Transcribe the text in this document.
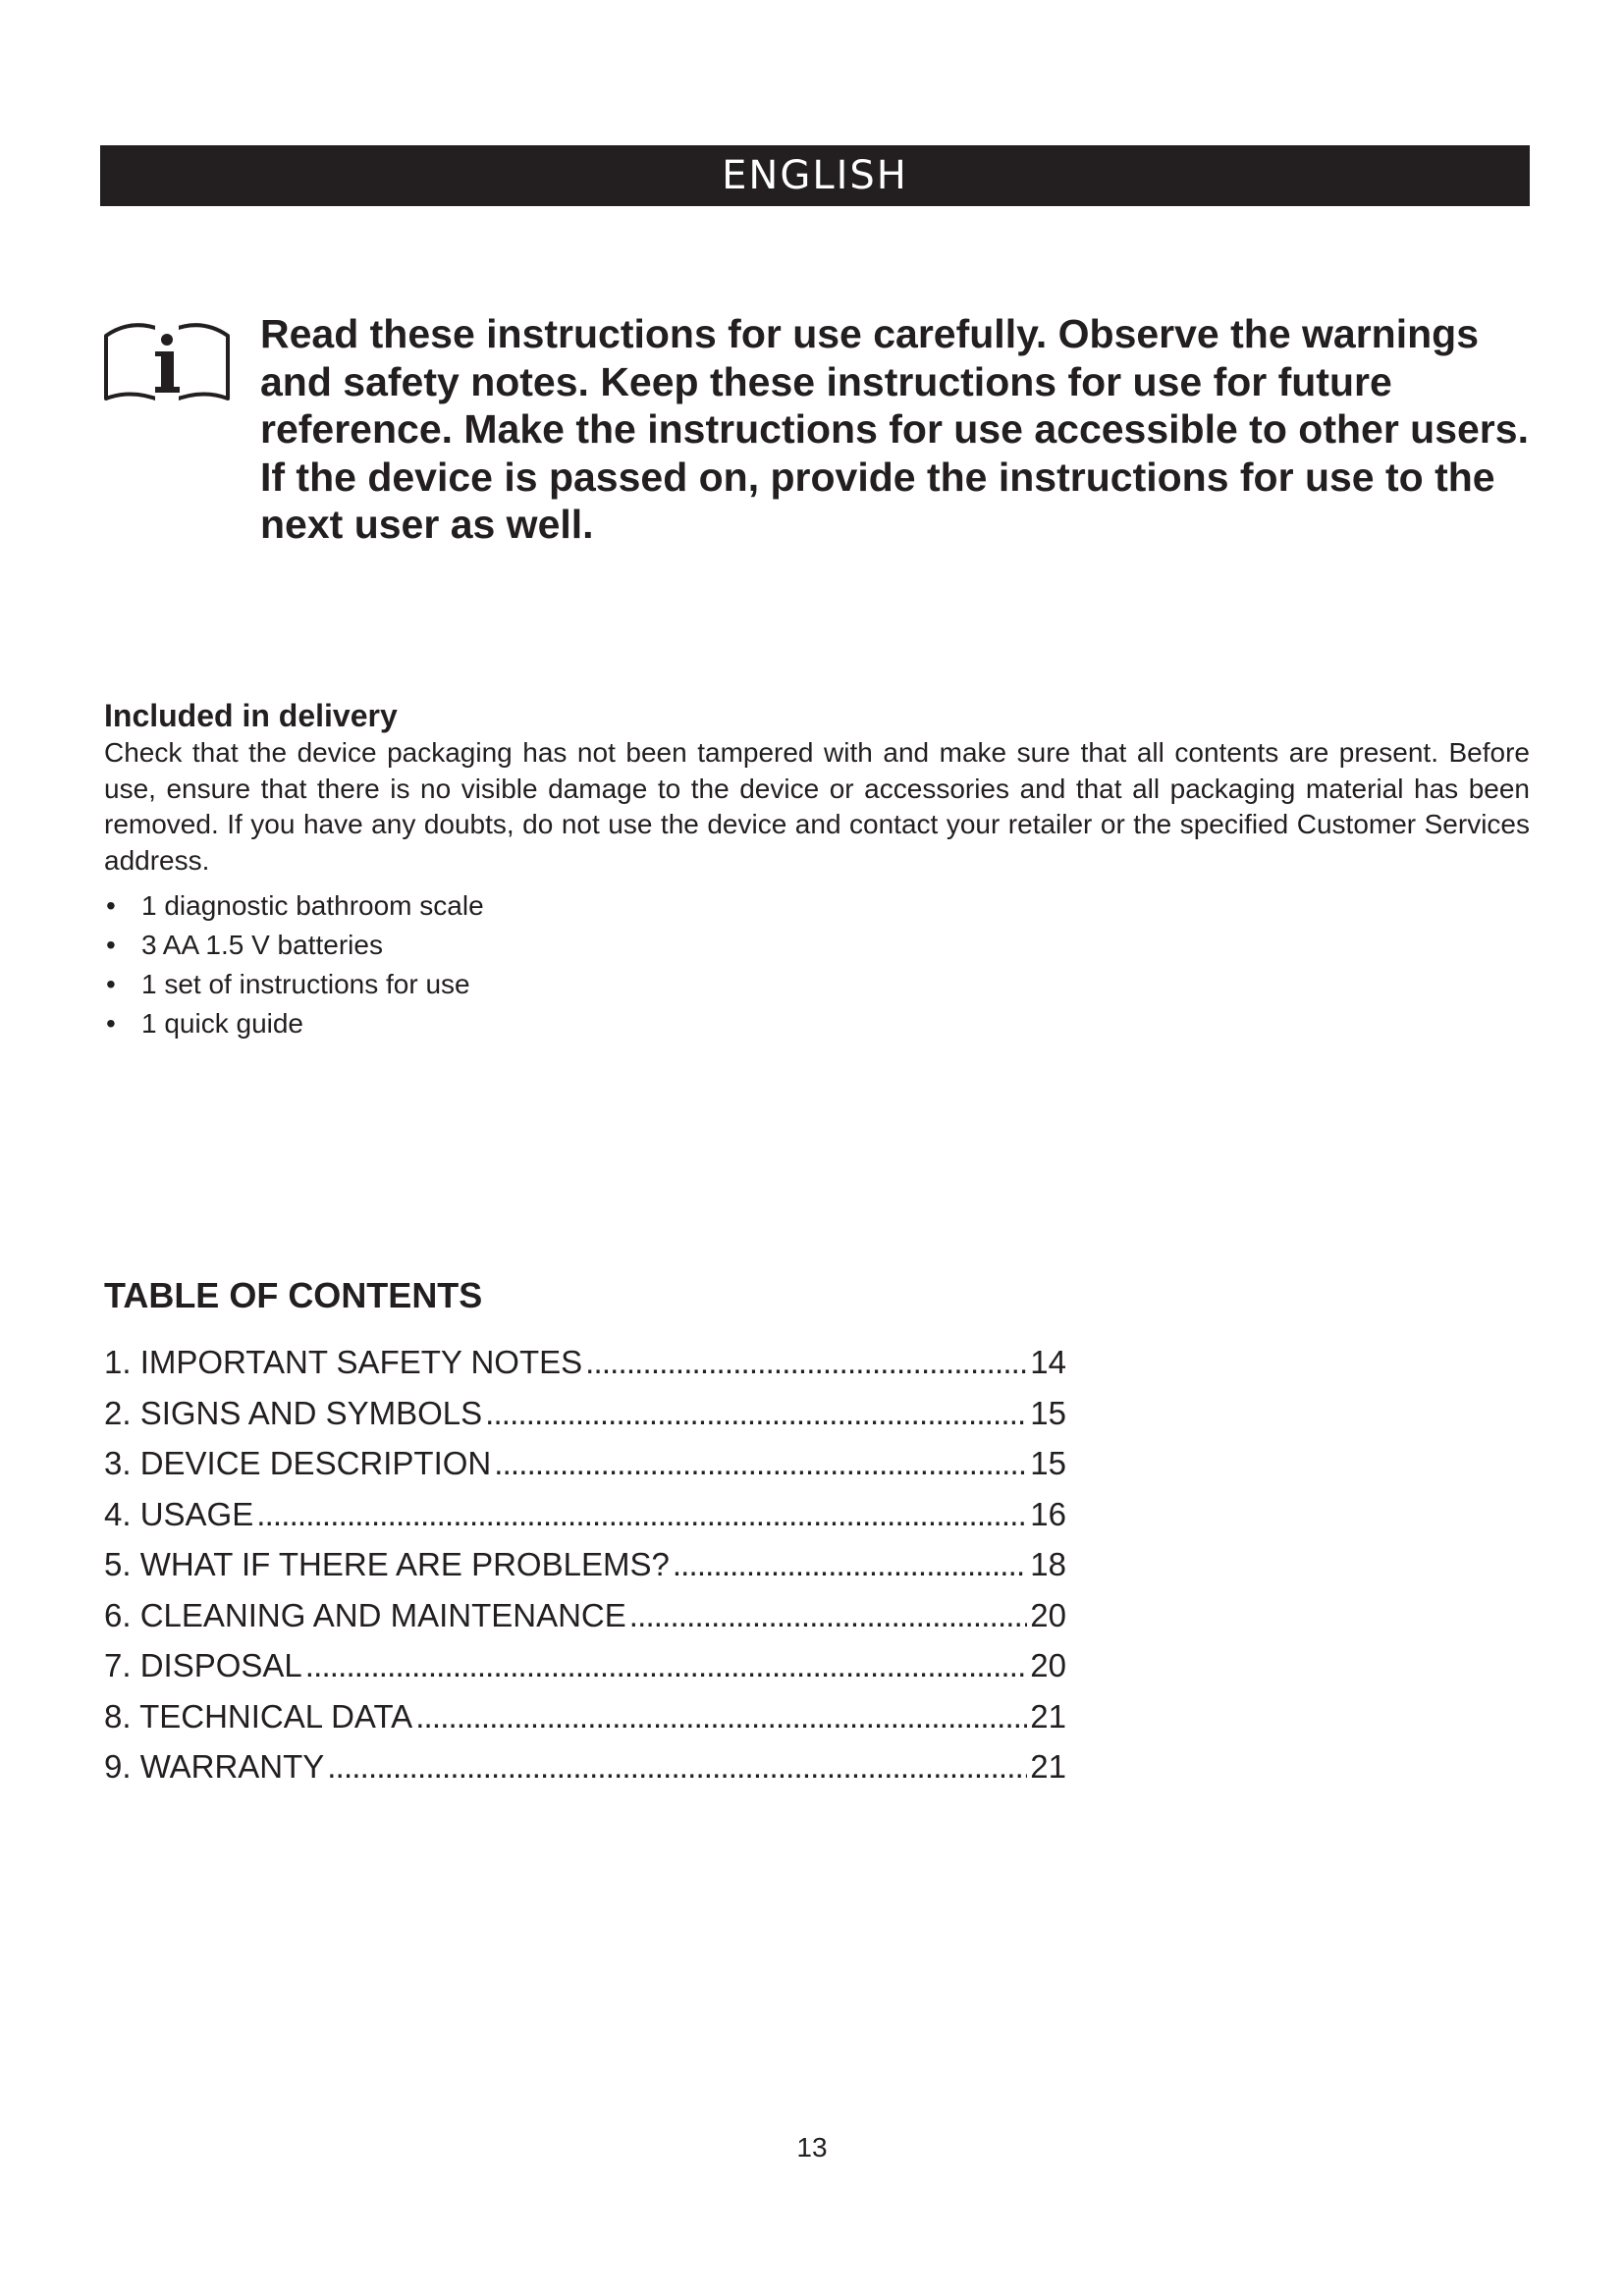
ENGLISH

Read these instructions for use carefully. Observe the warnings and safety notes. Keep these instructions for use for future reference. Make the instructions for use accessible to other users. If the device is passed on, provide the instructions for use to the next user as well.

Included in delivery

Check that the device packaging has not been tampered with and make sure that all contents are present. Before use, ensure that there is no visible damage to the device or accessories and that all packaging material has been removed. If you have any doubts, do not use the device and contact your retailer or the specified Customer Services address.

• 1 diagnostic bathroom scale
• 3 AA 1.5 V batteries
• 1 set of instructions for use
• 1 quick guide
TABLE OF CONTENTS
1. IMPORTANT SAFETY NOTES . . .	14
2. SIGNS AND SYMBOLS . . .	15
3. DEVICE DESCRIPTION . . .	15
4. USAGE . . .	16
5. WHAT IF THERE ARE PROBLEMS? . . .	18
6. CLEANING AND MAINTENANCE . . .	20
7. DISPOSAL . . .	20
8. TECHNICAL DATA . . .	21
9. WARRANTY . . .	21
13
